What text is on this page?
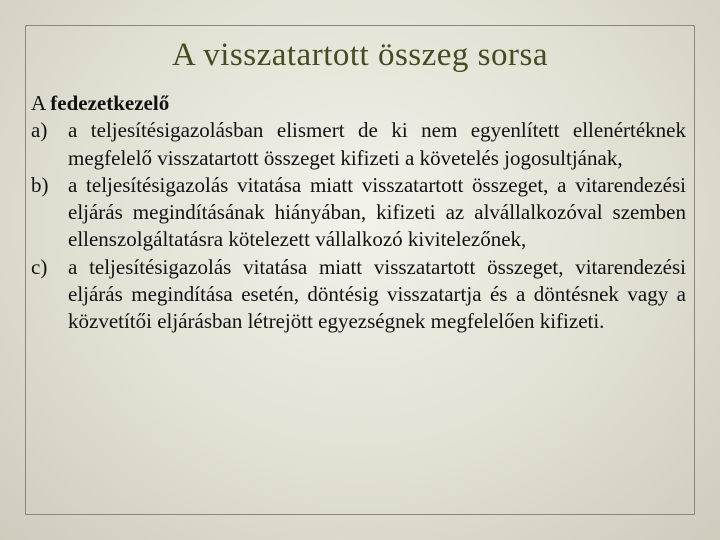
A visszatartott összeg sorsa

A fedezetkezelő

a) a teljesítésigazolásban elismert de ki nem egyenlített ellenértéknek megfelelő visszatartott összeget kifizeti a követelés jogosultjának,
b) a teljesítésigazolás vitatása miatt visszatartott összeget, a vitarendezési eljárás megindításának hiányában, kifizeti az alvállalkozóval szemben ellenszolgáltatásra kötelezett vállalkozó kivitelezőnek,
c) a teljesítésigazolás vitatása miatt visszatartott összeget, vitarendezési eljárás megindítása esetén, döntésig visszatartja és a döntésnek vagy a közvetítői eljárásban létrejött egyezségnek megfelelően kifizeti.
